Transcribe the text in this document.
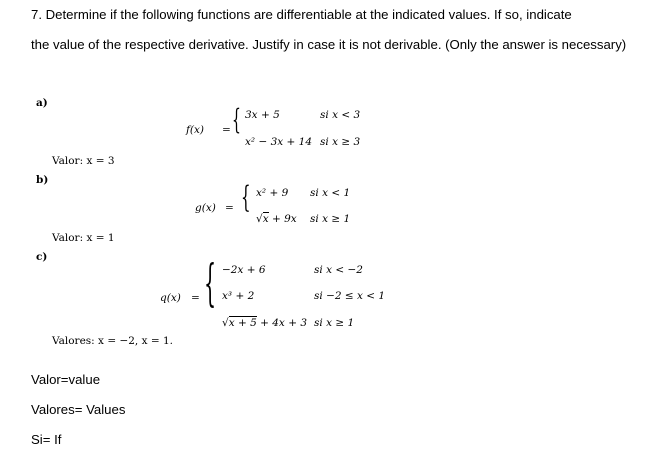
7. Determine if the following functions are differentiable at the indicated values. If so, indicate
the value of the respective derivative. Justify in case it is not derivable. (Only the answer is necessary)
a)
f(x) = { 3x + 5	si x < 3
x² − 3x + 14 si x ≥ 3
Valor: x = 3
b)
g(x) = { x² + 9 si x < 1
√x + 9x si x ≥ 1
Valor: x = 1
c)
q(x) = { −2x + 6	si x < −2
x³ + 2	si −2 ≤ x < 1
√x + 5 + 4x + 3 si x ≥ 1
Valores: x = −2, x = 1.
Valor=value
Valores= Values
Si= If
